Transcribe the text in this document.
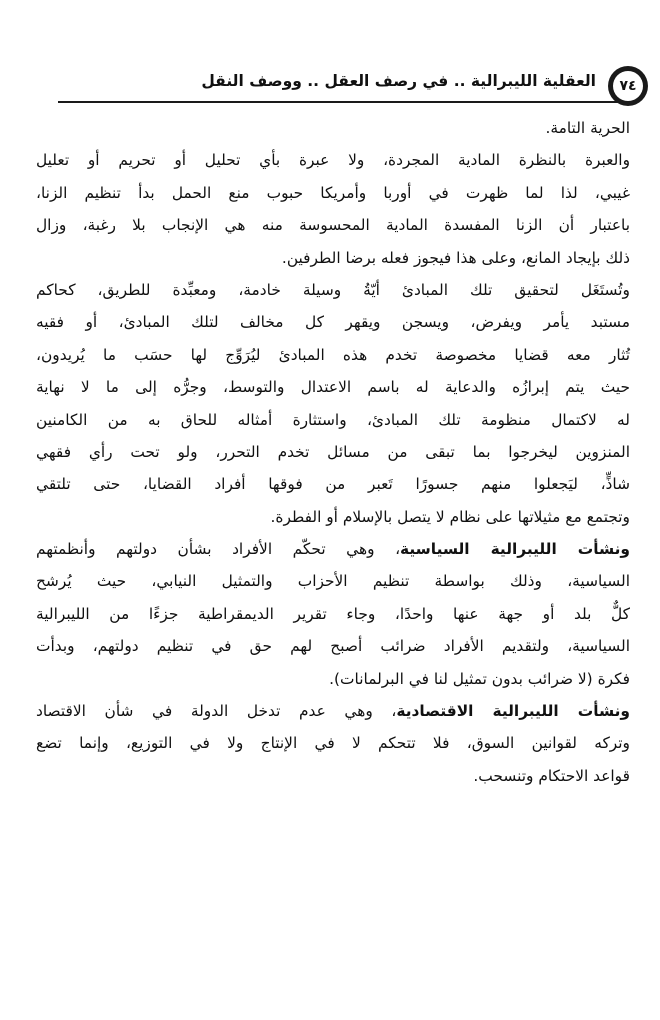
٧٤
العقلية الليبرالية .. في رصف العقل .. ووصف النقل
الحرية التامة.
والعبرة بالنظرة المادية المجردة، ولا عبرة بأي تحليل أو تحريم أو تعليل
غيبي، لذا لما ظهرت في أوربا وأمريكا حبوب منع الحمل بدأ تنظيم الزنا،
باعتبار أن الزنا المفسدة المادية المحسوسة منه هي الإنجاب بلا رغبة، وزال
ذلك بإيجاد المانع، وعلى هذا فيجوز فعله برضا الطرفين.
وتُستَغَل لتحقيق تلك المبادئ أيّةُ وسيلة خادمة، ومعبِّدة للطريق، كحاكم
مستبد يأمر ويفرض، ويسجن ويقهر كل مخالف لتلك المبادئ، أو فقيه
تُثار معه قضايا مخصوصة تخدم هذه المبادئ ليُرَوِّج لها حسَب ما يُريدون،
حيث يتم إبرازُه والدعاية له باسم الاعتدال والتوسط، وجرُّه إلى ما لا نهاية
له لاكتمال منظومة تلك المبادئ، واستثارة أمثاله للحاق به من الكامنين
المنزوين ليخرجوا بما تبقى من مسائل تخدم التحرر، ولو تحت رأي فقهي
شاذٍّ، ليَجعلوا منهم جسورًا تَعبر من فوقها أفراد القضايا، حتى تلتقي
وتجتمع مع مثيلاتها على نظام لا يتصل بالإسلام أو الفطرة.
ونشأت الليبرالية السياسية، وهي تحكّم الأفراد بشأن دولتهم وأنظمتهم
السياسية، وذلك بواسطة تنظيم الأحزاب والتمثيل النيابي، حيث يُرشح
كلٌّ بلد أو جهة عنها واحدًا، وجاء تقرير الديمقراطية جزءًا من الليبرالية
السياسية، ولتقديم الأفراد ضرائب أصبح لهم حق في تنظيم دولتهم، وبدأت
فكرة (لا ضرائب بدون تمثيل لنا في البرلمانات).
ونشأت الليبرالية الاقتصادية، وهي عدم تدخل الدولة في شأن الاقتصاد
وتركه لقوانين السوق، فلا تتحكم لا في الإنتاج ولا في التوزيع، وإنما تضع
قواعد الاحتكام وتنسحب.
